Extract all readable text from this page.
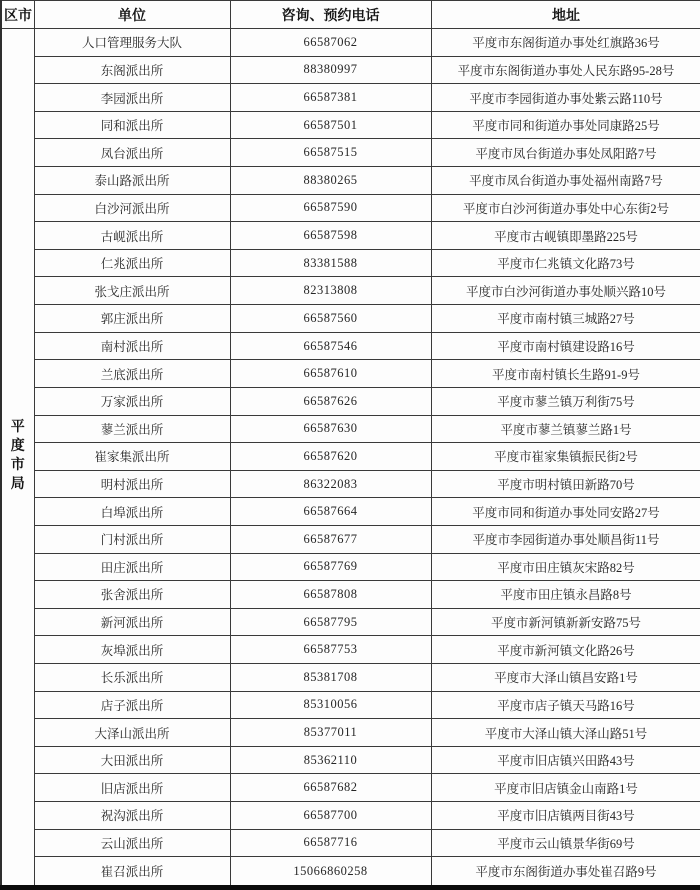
区市	单位	咨询、预约电话	地址

平度市局	人口管理服务大队	66587062	平度市东阁街道办事处红旗路36号
	东阁派出所	88380997	平度市东阁街道办事处人民东路95-28号
	李园派出所	66587381	平度市李园街道办事处紫云路110号
	同和派出所	66587501	平度市同和街道办事处同康路25号
	凤台派出所	66587515	平度市凤台街道办事处凤阳路7号
	泰山路派出所	88380265	平度市凤台街道办事处福州南路7号
	白沙河派出所	66587590	平度市白沙河街道办事处中心东街2号
	古岘派出所	66587598	平度市古岘镇即墨路225号
	仁兆派出所	83381588	平度市仁兆镇文化路73号
	张戈庄派出所	82313808	平度市白沙河街道办事处顺兴路10号
	郭庄派出所	66587560	平度市南村镇三城路27号
	南村派出所	66587546	平度市南村镇建设路16号
	兰底派出所	66587610	平度市南村镇长生路91-9号
	万家派出所	66587626	平度市蓼兰镇万利街75号
	蓼兰派出所	66587630	平度市蓼兰镇蓼兰路1号
	崔家集派出所	66587620	平度市崔家集镇振民街2号
	明村派出所	86322083	平度市明村镇田新路70号
	白埠派出所	66587664	平度市同和街道办事处同安路27号
	门村派出所	66587677	平度市李园街道办事处顺昌街11号
	田庄派出所	66587769	平度市田庄镇灰宋路82号
	张舍派出所	66587808	平度市田庄镇永昌路8号
	新河派出所	66587795	平度市新河镇新新安路75号
	灰埠派出所	66587753	平度市新河镇文化路26号
	长乐派出所	85381708	平度市大泽山镇昌安路1号
	店子派出所	85310056	平度市店子镇天马路16号
	大泽山派出所	85377011	平度市大泽山镇大泽山路51号
	大田派出所	85362110	平度市旧店镇兴田路43号
	旧店派出所	66587682	平度市旧店镇金山南路1号
	祝沟派出所	66587700	平度市旧店镇两目街43号
	云山派出所	66587716	平度市云山镇景华街69号
	崔召派出所	15066860258	平度市东阁街道办事处崔召路9号
